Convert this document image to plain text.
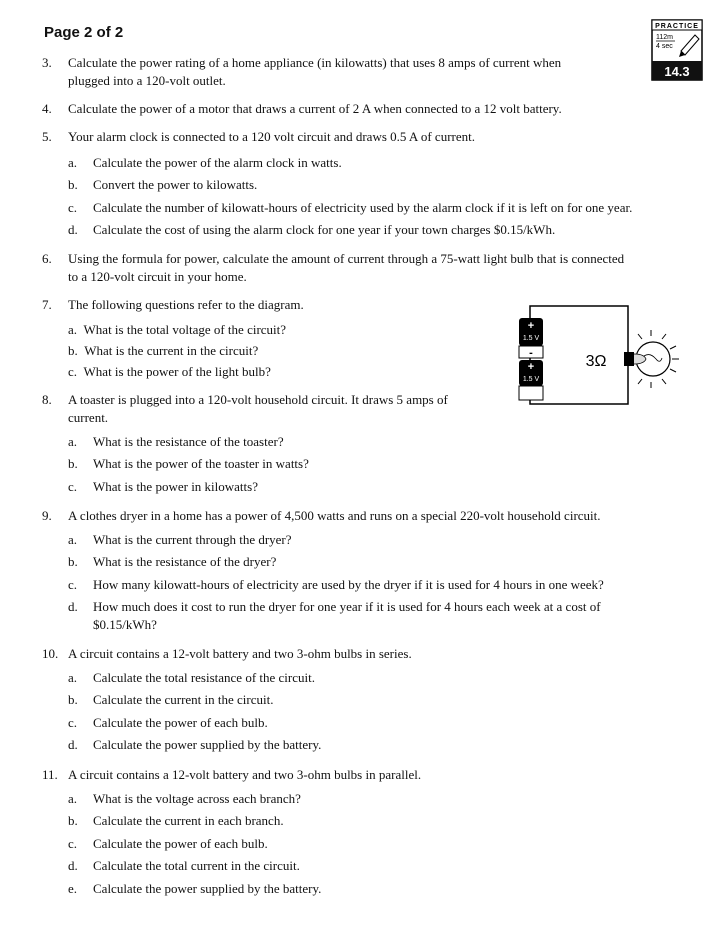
Page 2 of 2	PRACTICE
112m
4 sec
14.3
3. Calculate the power rating of a home appliance (in kilowatts) that uses 8 amps of current when
plugged into a 120-volt outlet.
4. Calculate the power of a motor that draws a current of 2 A when connected to a 12 volt battery.
5. Your alarm clock is connected to a 120 volt circuit and draws 0.5 A of current.
a. Calculate the power of the alarm clock in watts.
b. Convert the power to kilowatts.
c. Calculate the number of kilowatt-hours of electricity used by the alarm clock if it is left on for one year.
d. Calculate the cost of using the alarm clock for one year if your town charges $0.15/kWh.
6. Using the formula for power, calculate the amount of current through a 75-watt light bulb that is connected
to a 120-volt circuit in your home.
7. The following questions refer to the diagram.
a. What is the total voltage of the circuit?
b. What is the current in the circuit?
c. What is the power of the light bulb?
8. A toaster is plugged into a 120-volt household circuit. It draws 5 amps of
current.
a. What is the resistance of the toaster?
b. What is the power of the toaster in watts?
c. What is the power in kilowatts?
9. A clothes dryer in a home has a power of 4,500 watts and runs on a special 220-volt household circuit.
a. What is the current through the dryer?
b. What is the resistance of the dryer?
c. How many kilowatt-hours of electricity are used by the dryer if it is used for 4 hours in one week?
d. How much does it cost to run the dryer for one year if it is used for 4 hours each week at a cost of
$0.15/kWh?
10. A circuit contains a 12-volt battery and two 3-ohm bulbs in series.
a. Calculate the total resistance of the circuit.
b. Calculate the current in the circuit.
c. Calculate the power of each bulb.
d. Calculate the power supplied by the battery.
11. A circuit contains a 12-volt battery and two 3-ohm bulbs in parallel.
a. What is the voltage across each branch?
b. Calculate the current in each branch.
c. Calculate the power of each bulb.
d. Calculate the total current in the circuit.
e. Calculate the power supplied by the battery.
+
1.5 V
-
+
1.5 V
3Ω
